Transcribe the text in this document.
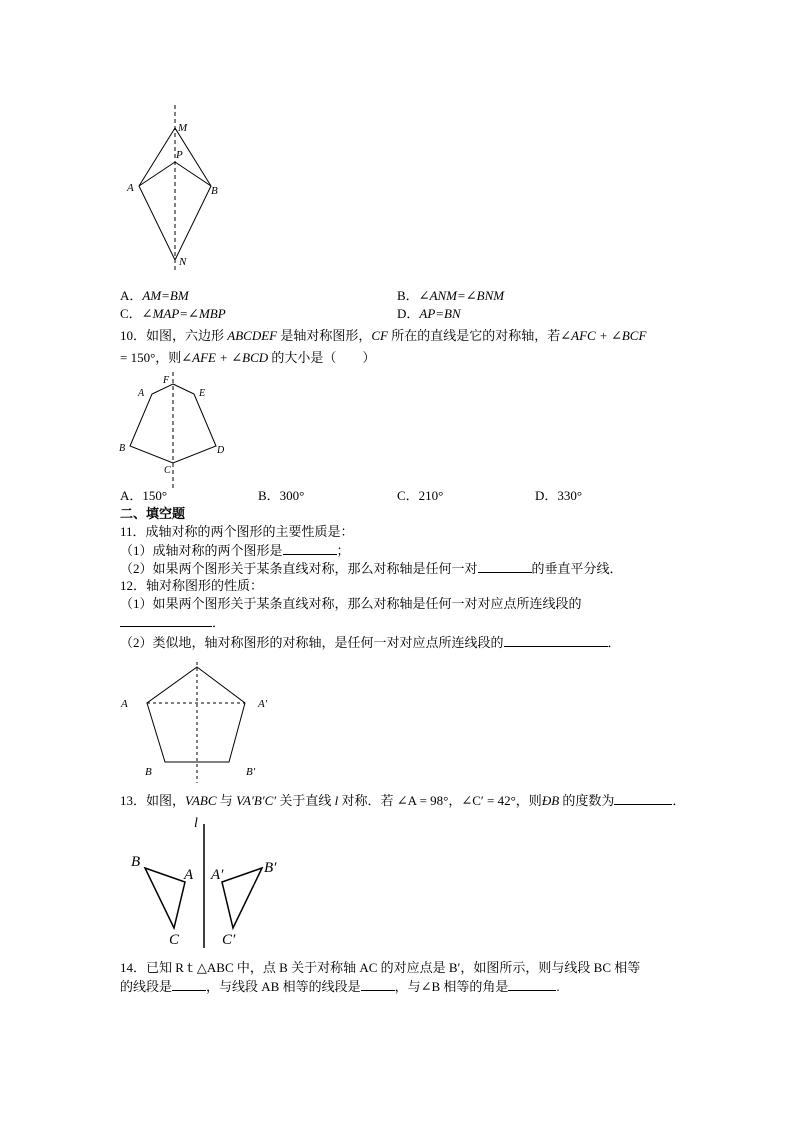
M
P
A	B
N
A．AM=BM	B．∠ANM=∠BNM
C．∠MAP=∠MBP	D．AP=BN
10．如图，六边形 ABCDEF 是轴对称图形，CF 所在的直线是它的对称轴，若∠AFC + ∠BCF
= 150°，则∠AFE + ∠BCD 的大小是（　　）
F
A	E
B	D
C
A．150°	B．300°	C．210°	D．330°
二、填空题
11．成轴对称的两个图形的主要性质是：
（1）成轴对称的两个图形是	；
（2）如果两个图形关于某条直线对称，那么对称轴是任何一对	的垂直平分线．
12．轴对称图形的性质：
（1）如果两个图形关于某条直线对称，那么对称轴是任何一对对应点所连线段的
．
（2）类似地，轴对称图形的对称轴，是任何一对对应点所连线段的	．
A	A′
B	B′
13．如图，VABC 与 VA′B′C′ 关于直线 l 对称．若 ∠A = 98°，∠C′ = 42°，则ÐB 的度数为	．
l
B
A
C
A′	B′
C′
14．已知 Rｔ△ABC 中，点 B 关于对称轴 AC 的对应点是 B′，如图所示，则与线段 BC 相等
的线段是	，与线段 AB 相等的线段是	，与∠B 相等的角是	.
